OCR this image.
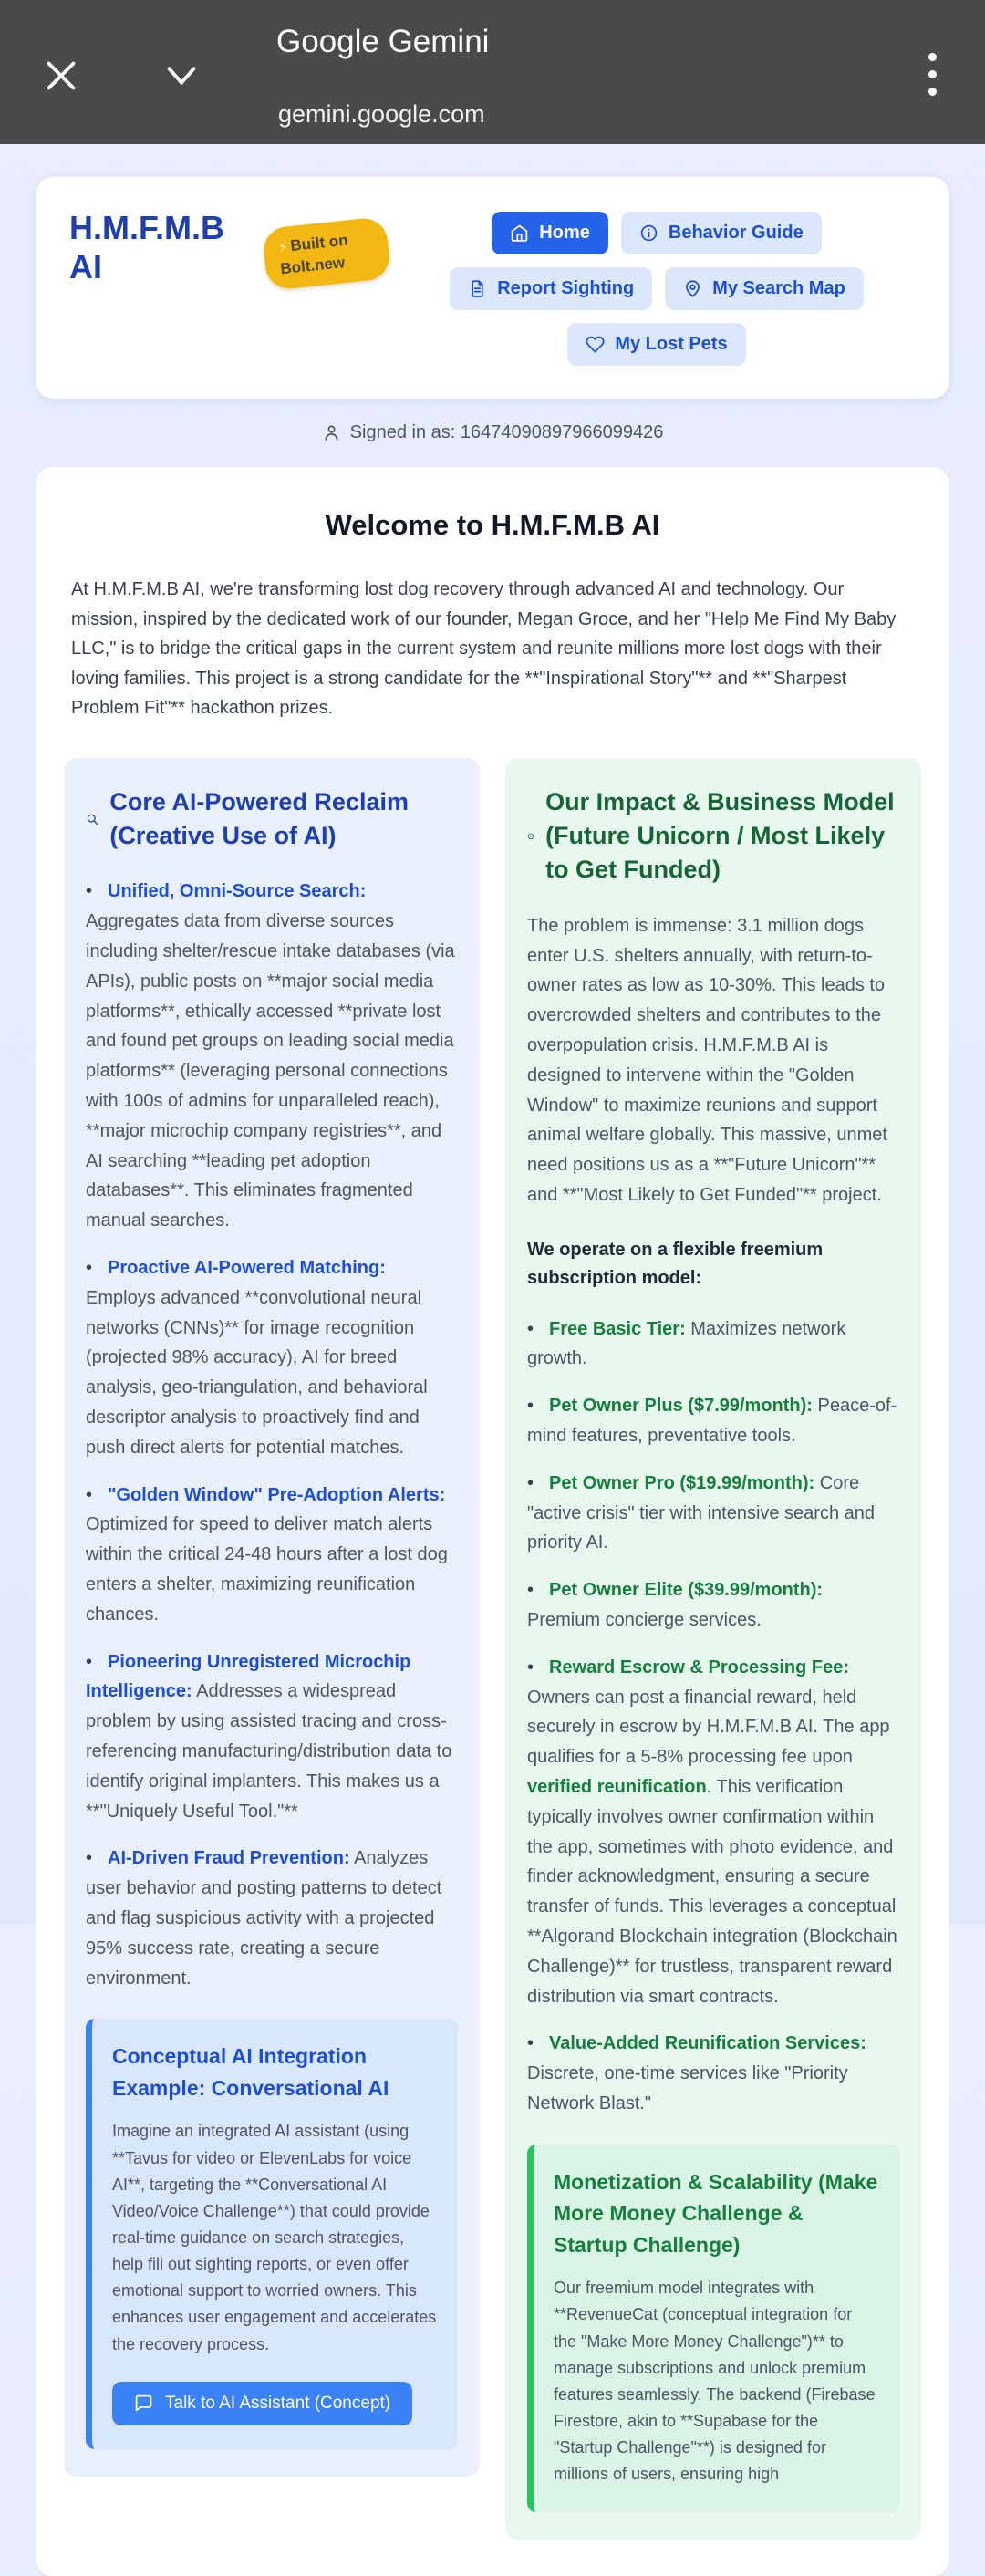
Google Gemini
gemini.google.com
H.M.F.M.B AI
⚡Built on Bolt.new
Home	Behavior Guide
Report Sighting	My Search Map
My Lost Pets
Signed in as: 16474090897966099426
Welcome to H.M.F.M.B AI

At H.M.F.M.B AI, we're transforming lost dog recovery through advanced AI and technology. Our mission, inspired by the dedicated work of our founder, Megan Groce, and her "Help Me Find My Baby LLC," is to bridge the critical gaps in the current system and reunite millions more lost dogs with their loving families. This project is a strong candidate for the **"Inspirational Story"** and **"Sharpest Problem Fit"** hackathon prizes.

Core AI-Powered Reclaim (Creative Use of AI)

• Unified, Omni-Source Search: Aggregates data from diverse sources including shelter/rescue intake databases (via APIs), public posts on **major social media platforms**, ethically accessed **private lost and found pet groups on leading social media platforms** (leveraging personal connections with 100s of admins for unparalleled reach), **major microchip company registries**, and AI searching **leading pet adoption databases**. This eliminates fragmented manual searches.

• Proactive AI-Powered Matching: Employs advanced **convolutional neural networks (CNNs)** for image recognition (projected 98% accuracy), AI for breed analysis, geo-triangulation, and behavioral descriptor analysis to proactively find and push direct alerts for potential matches.

• "Golden Window" Pre-Adoption Alerts: Optimized for speed to deliver match alerts within the critical 24-48 hours after a lost dog enters a shelter, maximizing reunification chances.

• Pioneering Unregistered Microchip Intelligence: Addresses a widespread problem by using assisted tracing and cross-referencing manufacturing/distribution data to identify original implanters. This makes us a **"Uniquely Useful Tool."**

• AI-Driven Fraud Prevention: Analyzes user behavior and posting patterns to detect and flag suspicious activity with a projected 95% success rate, creating a secure environment.

Conceptual AI Integration Example: Conversational AI

Imagine an integrated AI assistant (using **Tavus for video or ElevenLabs for voice AI**, targeting the **Conversational AI Video/Voice Challenge**) that could provide real-time guidance on search strategies, help fill out sighting reports, or even offer emotional support to worried owners. This enhances user engagement and accelerates the recovery process.

Talk to AI Assistant (Concept)
Our Impact & Business Model (Future Unicorn / Most Likely to Get Funded)

The problem is immense: 3.1 million dogs enter U.S. shelters annually, with return-to-owner rates as low as 10-30%. This leads to overcrowded shelters and contributes to the overpopulation crisis. H.M.F.M.B AI is designed to intervene within the "Golden Window" to maximize reunions and support animal welfare globally. This massive, unmet need positions us as a **"Future Unicorn"** and **"Most Likely to Get Funded"** project.

We operate on a flexible freemium subscription model:

• Free Basic Tier: Maximizes network growth.

• Pet Owner Plus ($7.99/month): Peace-of-mind features, preventative tools.

• Pet Owner Pro ($19.99/month): Core "active crisis" tier with intensive search and priority AI.

• Pet Owner Elite ($39.99/month): Premium concierge services.

• Reward Escrow & Processing Fee: Owners can post a financial reward, held securely in escrow by H.M.F.M.B AI. The app qualifies for a 5-8% processing fee upon verified reunification. This verification typically involves owner confirmation within the app, sometimes with photo evidence, and finder acknowledgment, ensuring a secure transfer of funds. This leverages a conceptual **Algorand Blockchain integration (Blockchain Challenge)** for trustless, transparent reward distribution via smart contracts.

• Value-Added Reunification Services: Discrete, one-time services like "Priority Network Blast."

Monetization & Scalability (Make More Money Challenge & Startup Challenge)

Our freemium model integrates with **RevenueCat (conceptual integration for the "Make More Money Challenge")** to manage subscriptions and unlock premium features seamlessly. The backend (Firebase Firestore, akin to **Supabase for the "Startup Challenge"**) is designed for millions of users, ensuring high
